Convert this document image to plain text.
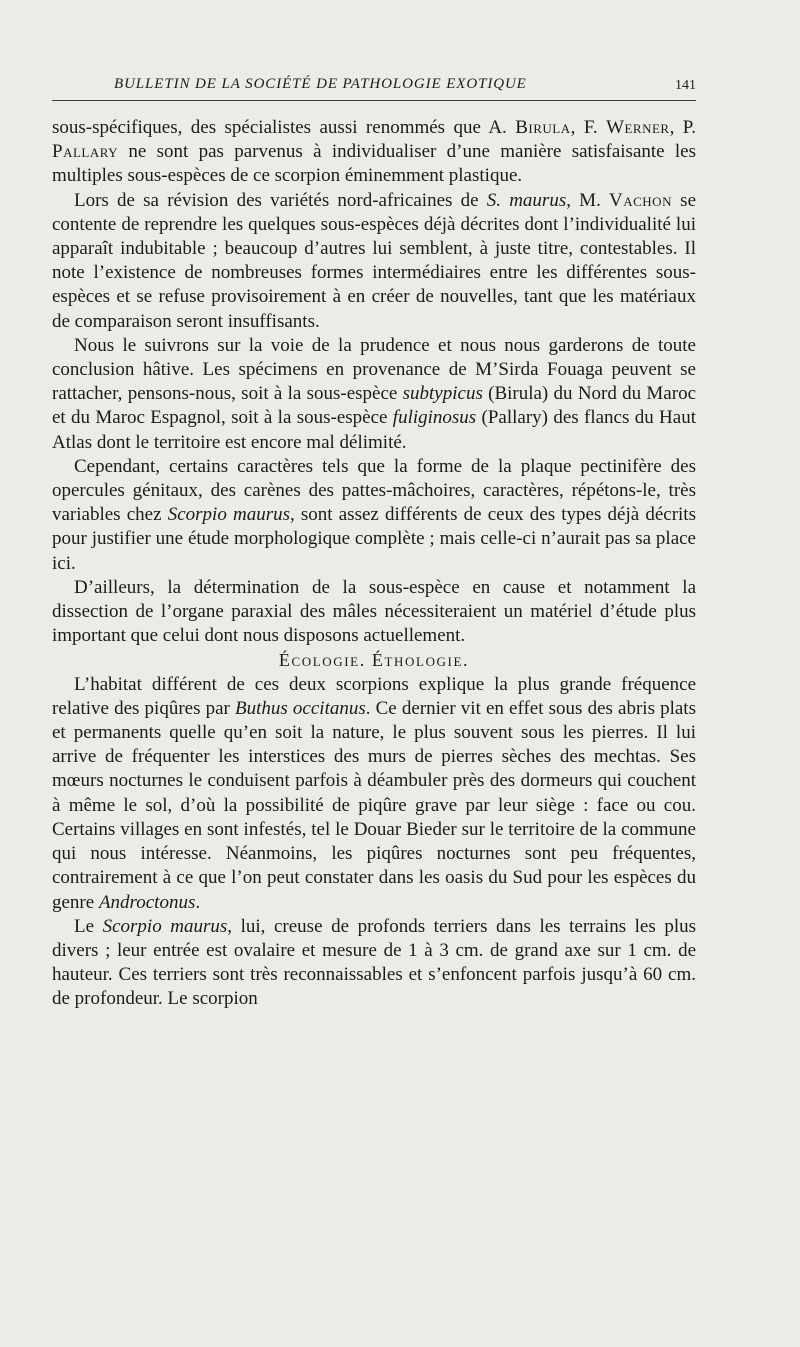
BULLETIN DE LA SOCIÉTÉ DE PATHOLOGIE EXOTIQUE	141

sous-spécifiques, des spécialistes aussi renommés que A. Birula, F. Werner, P. Pallary ne sont pas parvenus à individualiser d’une manière satisfaisante les multiples sous-espèces de ce scorpion éminemment plastique.

Lors de sa révision des variétés nord-africaines de S. maurus, M. Vachon se contente de reprendre les quelques sous-espèces déjà décrites dont l’individualité lui apparaît indubitable ; beaucoup d’autres lui semblent, à juste titre, contestables. Il note l’existence de nombreuses formes intermédiaires entre les différentes sous-espèces et se refuse provisoirement à en créer de nouvelles, tant que les matériaux de comparaison seront insuffisants.

Nous le suivrons sur la voie de la prudence et nous nous garderons de toute conclusion hâtive. Les spécimens en provenance de M’Sirda Fouaga peuvent se rattacher, pensons-nous, soit à la sous-espèce subtypicus (Birula) du Nord du Maroc et du Maroc Espagnol, soit à la sous-espèce fuliginosus (Pallary) des flancs du Haut Atlas dont le territoire est encore mal délimité.

Cependant, certains caractères tels que la forme de la plaque pectinifère des opercules génitaux, des carènes des pattes-mâchoires, caractères, répétons-le, très variables chez Scorpio maurus, sont assez différents de ceux des types déjà décrits pour justifier une étude morphologique complète ; mais celle-ci n’aurait pas sa place ici.

D’ailleurs, la détermination de la sous-espèce en cause et notamment la dissection de l’organe paraxial des mâles nécessiteraient un matériel d’étude plus important que celui dont nous disposons actuellement.

Écologie. Éthologie.

L’habitat différent de ces deux scorpions explique la plus grande fréquence relative des piqûres par Buthus occitanus. Ce dernier vit en effet sous des abris plats et permanents quelle qu’en soit la nature, le plus souvent sous les pierres. Il lui arrive de fréquenter les interstices des murs de pierres sèches des mechtas. Ses mœurs nocturnes le conduisent parfois à déambuler près des dormeurs qui couchent à même le sol, d’où la possibilité de piqûre grave par leur siège : face ou cou. Certains villages en sont infestés, tel le Douar Bieder sur le territoire de la commune qui nous intéresse. Néanmoins, les piqûres nocturnes sont peu fréquentes, contrairement à ce que l’on peut constater dans les oasis du Sud pour les espèces du genre Androctonus.

Le Scorpio maurus, lui, creuse de profonds terriers dans les terrains les plus divers ; leur entrée est ovalaire et mesure de 1 à 3 cm. de grand axe sur 1 cm. de hauteur. Ces terriers sont très reconnaissables et s’enfoncent parfois jusqu’à 60 cm. de profondeur. Le scorpion
